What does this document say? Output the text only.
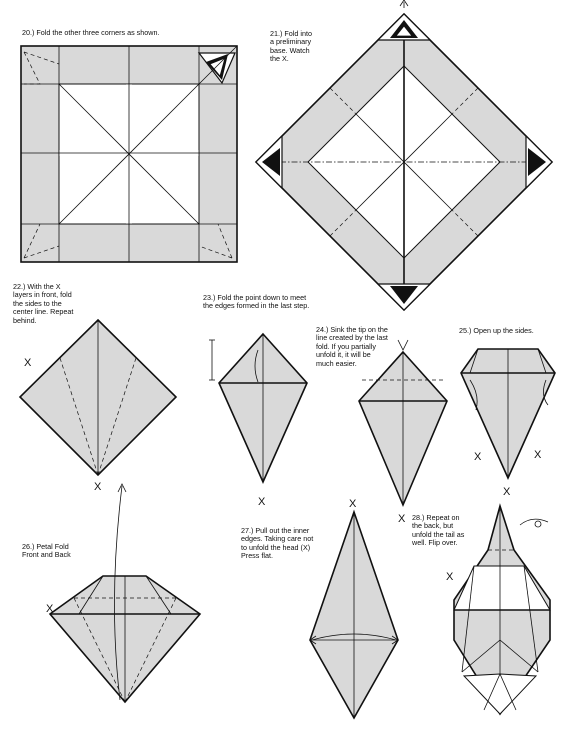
20.) Fold the other three corners as shown.	21.) Fold into
a preliminary
base. Watch
the X.
22.) With the X
layers in front, fold
the sides to the
center line. Repeat
behind.
23.) Fold the point down to meet
the edges formed in the last step.
24.) Sink the tip on the
line created by the last
fold. If you partially
unfold it, it will be
much easier.
25.) Open up the sides.
26.) Petal Fold
Front and Back
27.) Pull out the inner
edges. Taking care not
to unfold the head (X)
Press flat.
28.) Repeat on
the back, but
unfold the tail as
well. Flip over.
X
X
X
X
X	X
X
X
X
X
